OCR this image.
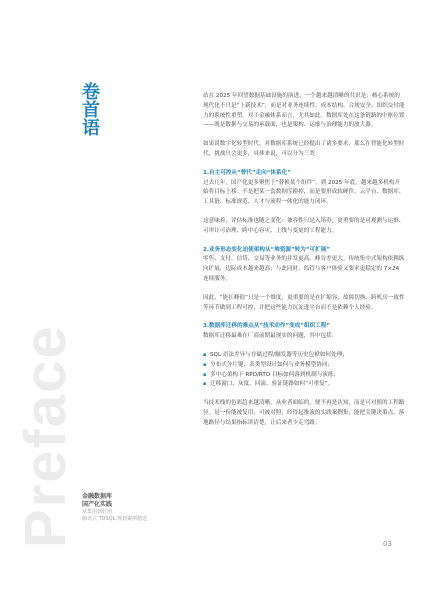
Preface
卷首语

站在 2025 年回望数据基础设施的演进，一个越来越清晰的共识是：核心系统的现代化不只是“上新技术”，而是对业务连续性、成本结构、合规安全、组织交付能力的系统性重塑。对于金融体系而言，尤其如此。数据库处在这条链路的中枢位置——既是数据与交易的承载面，也是架构、运维与治理能力的放大器。

如果说数字化转型时代，对数据库系统已经提出了诸多要求，那么在智能化转型时代，挑战只会更多，具体来说，可以分为三类：

1.自主可控从“替代”走向“体系化”

过去几年，国产化更多聚焦于“替换某个组件”。到 2025 年底，越来越多机构开始将目标上移：不是把某一套数据库换掉，而是要形成软硬件、云平台、数据库、工具链、标准规范、人才与流程一体化的能力闭环。

这意味着，评估标准也随之变化：兼容性只是入场券，更重要的是可观测与运维、可审计可治理、跨中心容灾、上线与变更的工程能力。

2.业务形态变化迫使架构从“堆资源”转为“可扩展”

零售、支付、信贷、交易等业务的并发更高、峰谷差更大。传统集中式架构依赖纵向扩展，边际成本越来越高；与此同时，监管与客户体验又要求更稳定的 7×24 连续服务。

因此，“能扛峰值”只是一个维度，更重要的是在扩缩容、故障切换、跨机房一致性等环节做到工程可控，并把这些能力沉淀进平台而不是依赖个人经验。

3.数据库迁移的难点从“技术动作”变成“组织工程”

数据库迁移最难在厂商前期最现实的问题，其中包括：

▪ SQL 语法差异与存储过程/触发器等历史包袱如何处理；
▪ 分布式分片键、表类型设计如何与业务模型协同；
▪ 多中心架构下 RPO/RTO 目标如何落到机制与演练；
▪ 迁移窗口、灰度、回滚、验证链路如何“可重复”。

当技术栈的色彩趋来越清晰，从业者面临的，便不再是认知，而是可对照的工程路径。是一份能被复用、可被对照、经得起推演的实践案例集，能把关键决策点、落地路径与结果指标讲清楚，让后来者少走弯路。

金融数据库
国产化实践
从集用到好用
腾讯云 TDSQL 规划案例精选
03
